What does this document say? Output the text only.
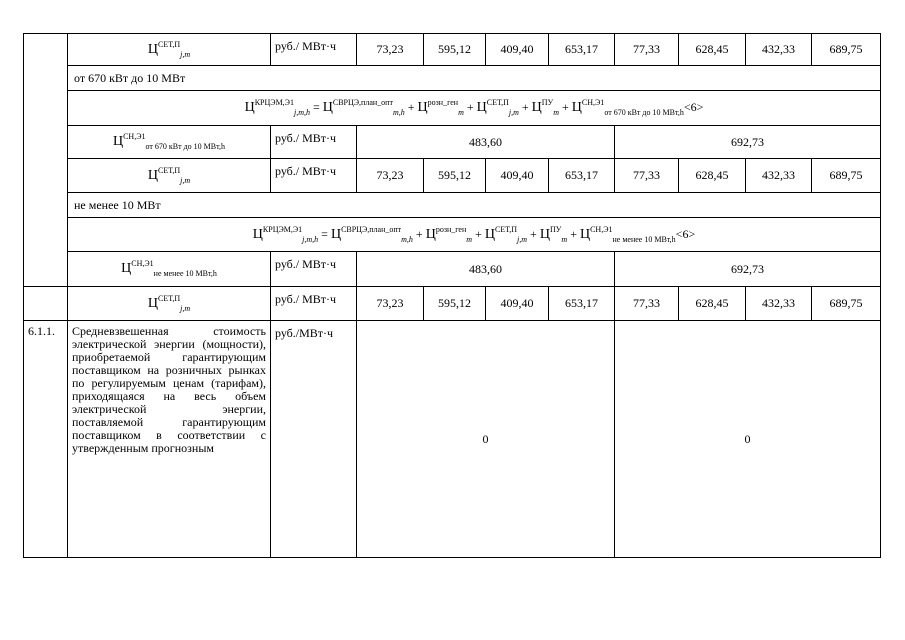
	$Ц^{СЕТ,П}_{j,m}$	руб./ МВт·ч	73,23	595,12	409,40	653,17	77,33	628,45	432,33	689,75
	от 670 кВт до 10 МВт									
	$Ц^{КРЦЭМ,Э1}_{j,m,h} = Ц^{СВРЦЭ,план\_опт}_{m,h} + Ц^{розн\_ген}_m + Ц^{СЕТ,П}_{j,m} + Ц^{ПУ}_m + Ц^{СН,Э1}_{от 670 кВт до 10 МВт,h}<6>$									
	$Ц^{СН,Э1}_{от 670 кВт до 10 МВт,h}$	руб./ МВт·ч	483,60				692,73			
	$Ц^{СЕТ,П}_{j,m}$	руб./ МВт·ч	73,23	595,12	409,40	653,17	77,33	628,45	432,33	689,75
	не менее 10 МВт									
	$Ц^{КРЦЭМ,Э1}_{j,m,h} = Ц^{СВРЦЭ,план\_опт}_{m,h} + Ц^{розн\_ген}_m + Ц^{СЕТ,П}_{j,m} + Ц^{ПУ}_m + Ц^{СН,Э1}_{не менее 10 МВт,h}<6>$									
	$Ц^{СН,Э1}_{не менее 10 МВт,h}$	руб./ МВт·ч	483,60				692,73			
	$Ц^{СЕТ,П}_{j,m}$	руб./ МВт·ч	73,23	595,12	409,40	653,17	77,33	628,45	432,33	689,75
6.1.1.	Средневзвешенная стоимость электрической энергии (мощности), приобретаемой гарантирующим поставщиком на розничных рынках по регулируемым ценам (тарифам), приходящаяся на весь объем электрической энергии, поставляемой гарантирующим поставщиком в соответствии с утвержденным прогнозным	руб./МВт·ч	0				0			
